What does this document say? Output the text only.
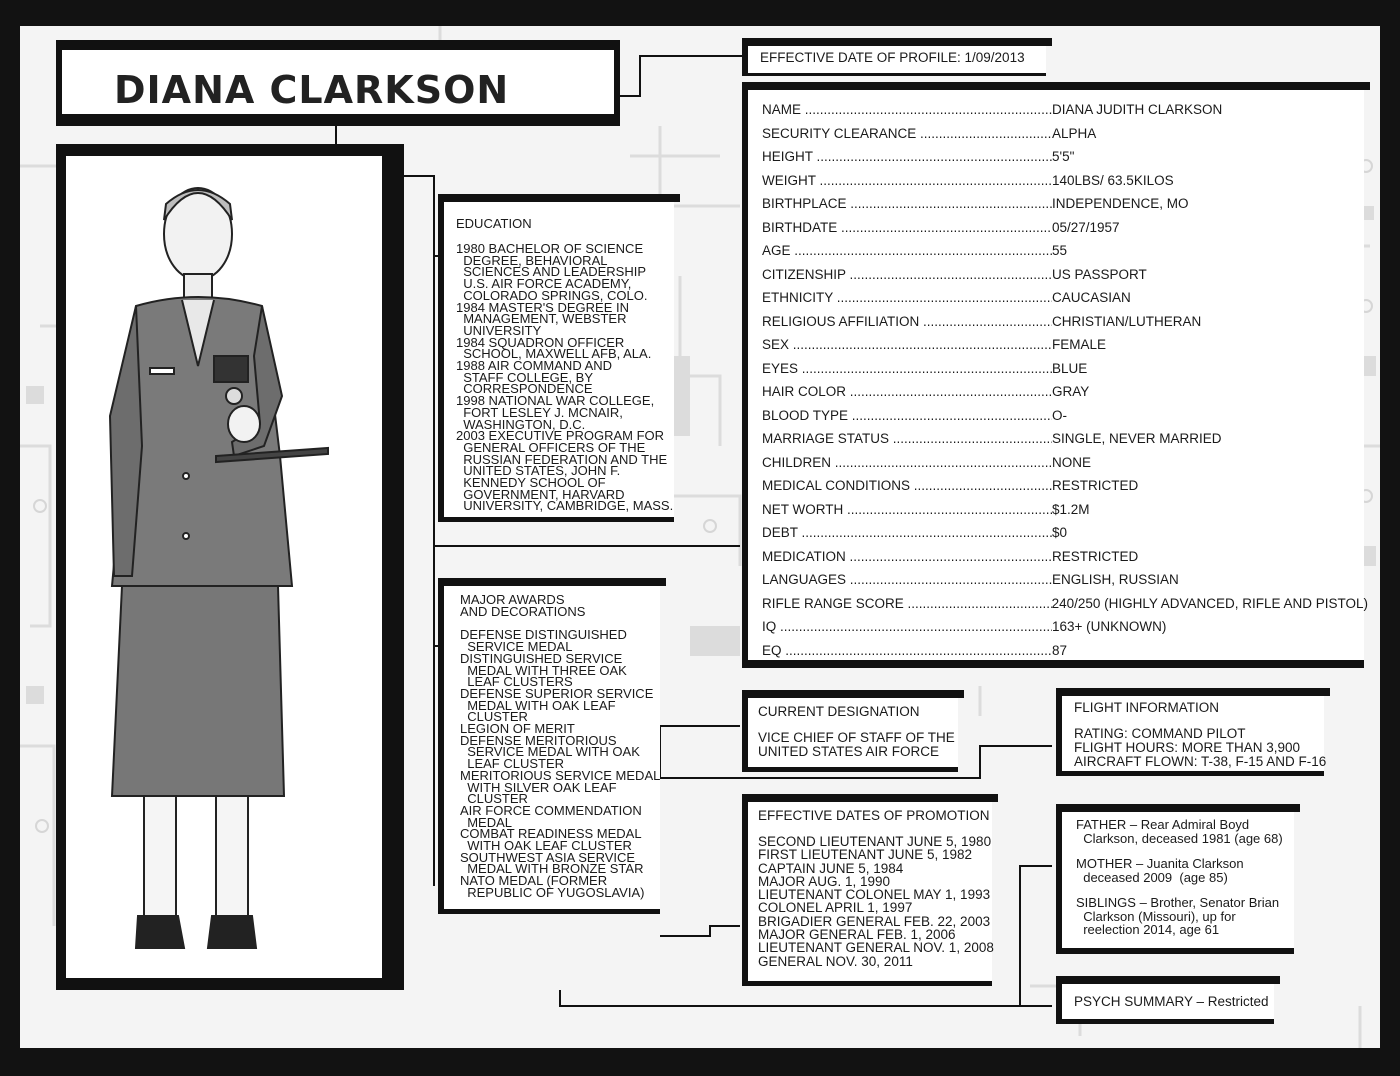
DIANA CLARKSON
EDUCATION
1980 BACHELOR OF SCIENCE
DEGREE, BEHAVIORAL
SCIENCES AND LEADERSHIP
U.S. AIR FORCE ACADEMY,
COLORADO SPRINGS, COLO.
1984 MASTER'S DEGREE IN
MANAGEMENT, WEBSTER
UNIVERSITY
1984 SQUADRON OFFICER
SCHOOL, MAXWELL AFB, ALA.
1988 AIR COMMAND AND
STAFF COLLEGE, BY
CORRESPONDENCE
1998 NATIONAL WAR COLLEGE,
FORT LESLEY J. MCNAIR,
WASHINGTON, D.C.
2003 EXECUTIVE PROGRAM FOR
GENERAL OFFICERS OF THE
RUSSIAN FEDERATION AND THE
UNITED STATES, JOHN F.
KENNEDY SCHOOL OF
GOVERNMENT, HARVARD
UNIVERSITY, CAMBRIDGE, MASS.
MAJOR AWARDS
AND DECORATIONS
DEFENSE DISTINGUISHED
SERVICE MEDAL
DISTINGUISHED SERVICE
MEDAL WITH THREE OAK
LEAF CLUSTERS
DEFENSE SUPERIOR SERVICE
MEDAL WITH OAK LEAF
CLUSTER
LEGION OF MERIT
DEFENSE MERITORIOUS
SERVICE MEDAL WITH OAK
LEAF CLUSTER
MERITORIOUS SERVICE MEDAL
WITH SILVER OAK LEAF
CLUSTER
AIR FORCE COMMENDATION
MEDAL
COMBAT READINESS MEDAL
WITH OAK LEAF CLUSTER
SOUTHWEST ASIA SERVICE
MEDAL WITH BRONZE STAR
NATO MEDAL (FORMER
REPUBLIC OF YUGOSLAVIA)
EFFECTIVE DATE OF PROFILE: 1/09/2013
NAME .....	DIANA JUDITH CLARKSON
SECURITY CLEARANCE .....	ALPHA
HEIGHT .....	5'5"
WEIGHT .....	140LBS/ 63.5KILOS
BIRTHPLACE .....	INDEPENDENCE, MO
BIRTHDATE .....	05/27/1957
AGE .....	55
CITIZENSHIP .....	US PASSPORT
ETHNICITY .....	CAUCASIAN
RELIGIOUS AFFILIATION .....	CHRISTIAN/LUTHERAN
SEX .....	FEMALE
EYES .....	BLUE
HAIR COLOR .....	GRAY
BLOOD TYPE .....	O-
MARRIAGE STATUS .....	SINGLE, NEVER MARRIED
CHILDREN .....	NONE
MEDICAL CONDITIONS .....	RESTRICTED
NET WORTH .....	$1.2M
DEBT .....	$0
MEDICATION .....	RESTRICTED
LANGUAGES .....	ENGLISH, RUSSIAN
RIFLE RANGE SCORE .....	240/250 (HIGHLY ADVANCED, RIFLE AND PISTOL)
IQ .....	163+ (UNKNOWN)
EQ .....	87
CURRENT DESIGNATION
VICE CHIEF OF STAFF OF THE
UNITED STATES AIR FORCE
FLIGHT INFORMATION
RATING: COMMAND PILOT
FLIGHT HOURS: MORE THAN 3,900
AIRCRAFT FLOWN: T-38, F-15 AND F-16
EFFECTIVE DATES OF PROMOTION
SECOND LIEUTENANT JUNE 5, 1980
FIRST LIEUTENANT JUNE 5, 1982
CAPTAIN JUNE 5, 1984
MAJOR AUG. 1, 1990
LIEUTENANT COLONEL MAY 1, 1993
COLONEL APRIL 1, 1997
BRIGADIER GENERAL FEB. 22, 2003
MAJOR GENERAL FEB. 1, 2006
LIEUTENANT GENERAL NOV. 1, 2008
GENERAL NOV. 30, 2011
FATHER – Rear Admiral Boyd
Clarkson, deceased 1981 (age 68)
MOTHER – Juanita Clarkson
deceased 2009  (age 85)
SIBLINGS – Brother, Senator Brian
Clarkson (Missouri), up for
reelection 2014, age 61
PSYCH SUMMARY – Restricted
